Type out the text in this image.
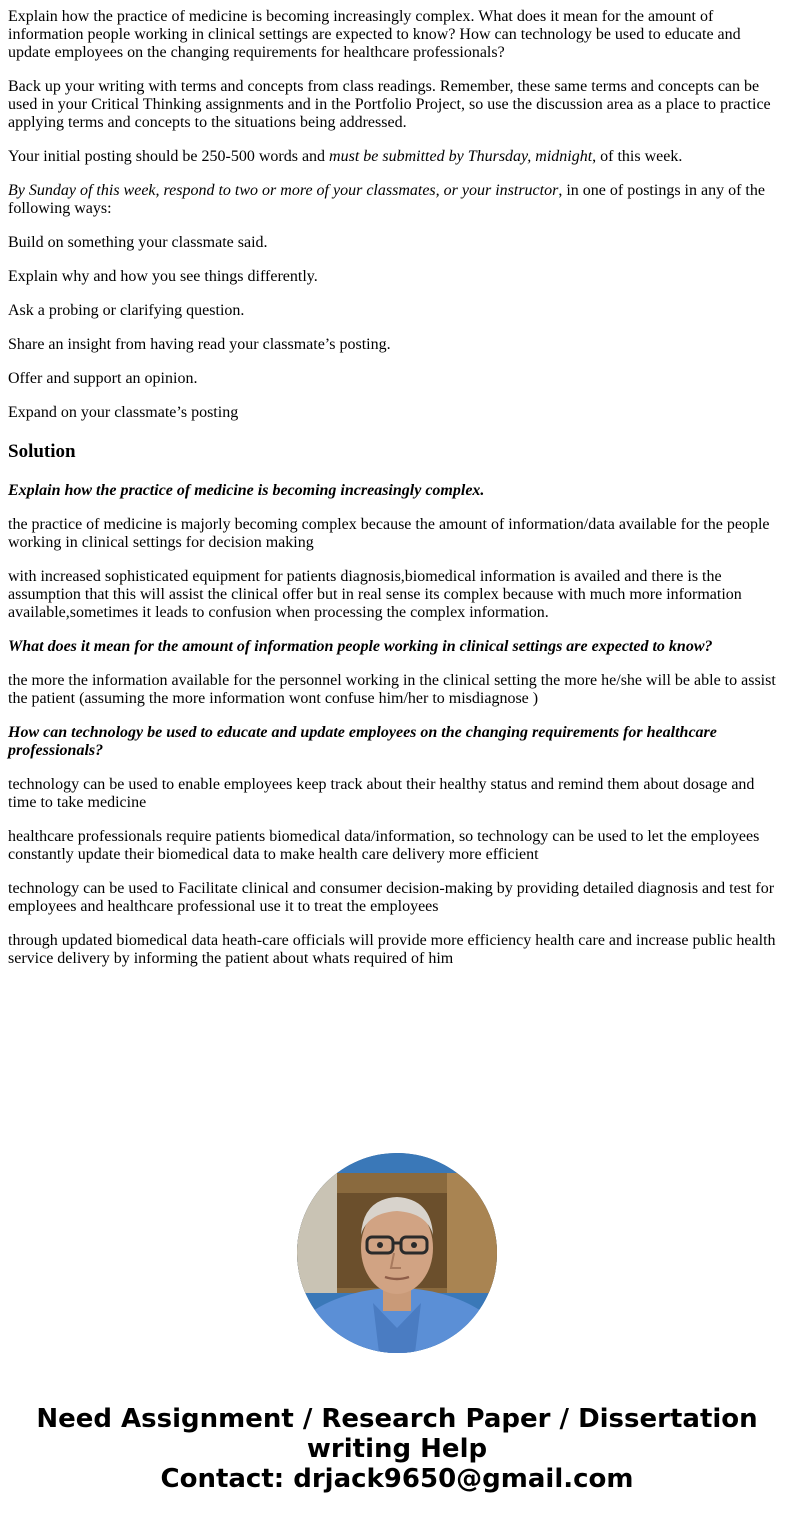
Explain how the practice of medicine is becoming increasingly complex. What does it mean for the amount of information people working in clinical settings are expected to know? How can technology be used to educate and update employees on the changing requirements for healthcare professionals?

Back up your writing with terms and concepts from class readings. Remember, these same terms and concepts can be used in your Critical Thinking assignments and in the Portfolio Project, so use the discussion area as a place to practice applying terms and concepts to the situations being addressed.

Your initial posting should be 250-500 words and must be submitted by Thursday, midnight, of this week.

By Sunday of this week, respond to two or more of your classmates, or your instructor, in one of postings in any of the following ways:

Build on something your classmate said.

Explain why and how you see things differently.

Ask a probing or clarifying question.

Share an insight from having read your classmate’s posting.

Offer and support an opinion.

Expand on your classmate’s posting

Solution

Explain how the practice of medicine is becoming increasingly complex.

the practice of medicine is majorly becoming complex because the amount of information/data available for the people working in clinical settings for decision making

with increased sophisticated equipment for patients diagnosis,biomedical information is availed and there is the assumption that this will assist the clinical offer but in real sense its complex because with much more information available,sometimes it leads to confusion when processing the complex information.

What does it mean for the amount of information people working in clinical settings are expected to know?

the more the information available for the personnel working in the clinical setting the more he/she will be able to assist the patient (assuming the more information wont confuse him/her to misdiagnose )

How can technology be used to educate and update employees on the changing requirements for healthcare professionals?

technology can be used to enable employees keep track about their healthy status and remind them about dosage and time to take medicine

healthcare professionals require patients biomedical data/information, so technology can be used to let the employees constantly update their biomedical data to make health care delivery more efficient

technology can be used to Facilitate clinical and consumer decision-making by providing detailed diagnosis and test for employees and healthcare professional use it to treat the employees

through updated biomedical data heath-care officials will provide more efficiency health care and increase public health service delivery by informing the patient about whats required of him

Need Assignment / Research Paper / Dissertation
writing Help
Contact: drjack9650@gmail.com
